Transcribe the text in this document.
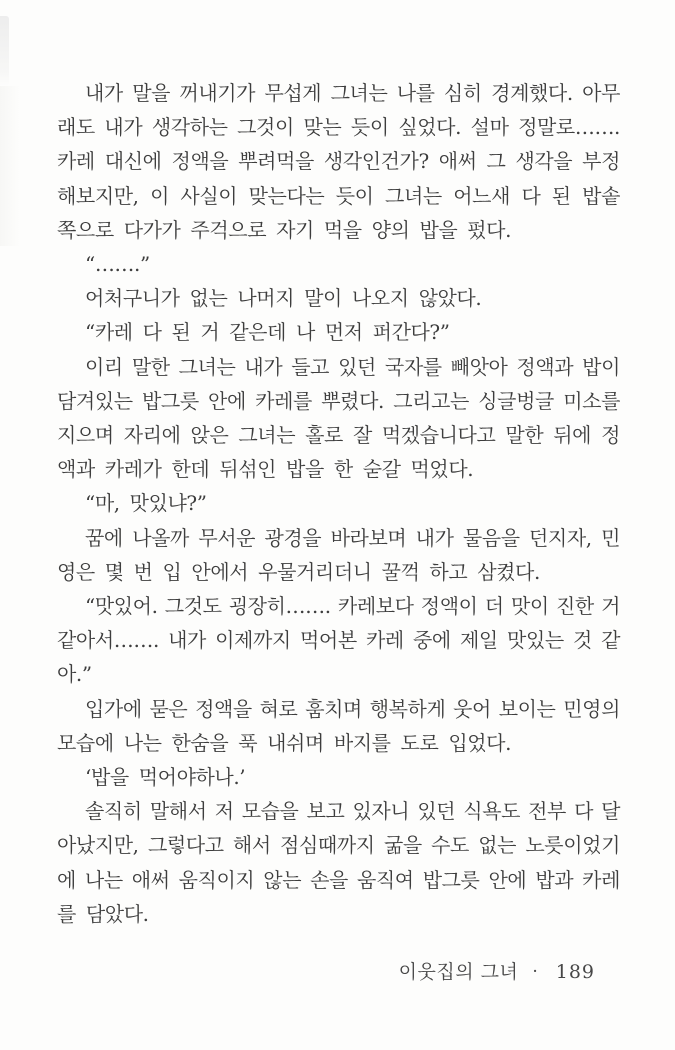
내가 말을 꺼내기가 무섭게 그녀는 나를 심히 경계했다. 아무
래도 내가 생각하는 그것이 맞는 듯이 싶었다. 설마 정말로…….
카레 대신에 정액을 뿌려먹을 생각인건가? 애써 그 생각을 부정
해보지만, 이 사실이 맞는다는 듯이 그녀는 어느새 다 된 밥솥
쪽으로 다가가 주걱으로 자기 먹을 양의 밥을 펐다.
“…….”
어처구니가 없는 나머지 말이 나오지 않았다.
“카레 다 된 거 같은데 나 먼저 퍼간다?”
이리 말한 그녀는 내가 들고 있던 국자를 빼앗아 정액과 밥이
담겨있는 밥그릇 안에 카레를 뿌렸다. 그리고는 싱글벙글 미소를
지으며 자리에 앉은 그녀는 홀로 잘 먹겠습니다고 말한 뒤에 정
액과 카레가 한데 뒤섞인 밥을 한 숟갈 먹었다.
“마, 맛있냐?”
꿈에 나올까 무서운 광경을 바라보며 내가 물음을 던지자, 민
영은 몇 번 입 안에서 우물거리더니 꿀꺽 하고 삼켰다.
“맛있어. 그것도 굉장히……. 카레보다 정액이 더 맛이 진한 거
같아서……. 내가 이제까지 먹어본 카레 중에 제일 맛있는 것 같
아.”
입가에 묻은 정액을 혀로 훔치며 행복하게 웃어 보이는 민영의
모습에 나는 한숨을 푹 내쉬며 바지를 도로 입었다.
‘밥을 먹어야하나.’
솔직히 말해서 저 모습을 보고 있자니 있던 식욕도 전부 다 달
아났지만, 그렇다고 해서 점심때까지 굶을 수도 없는 노릇이었기
에 나는 애써 움직이지 않는 손을 움직여 밥그릇 안에 밥과 카레
를 담았다.
이웃집의 그녀 · 189
